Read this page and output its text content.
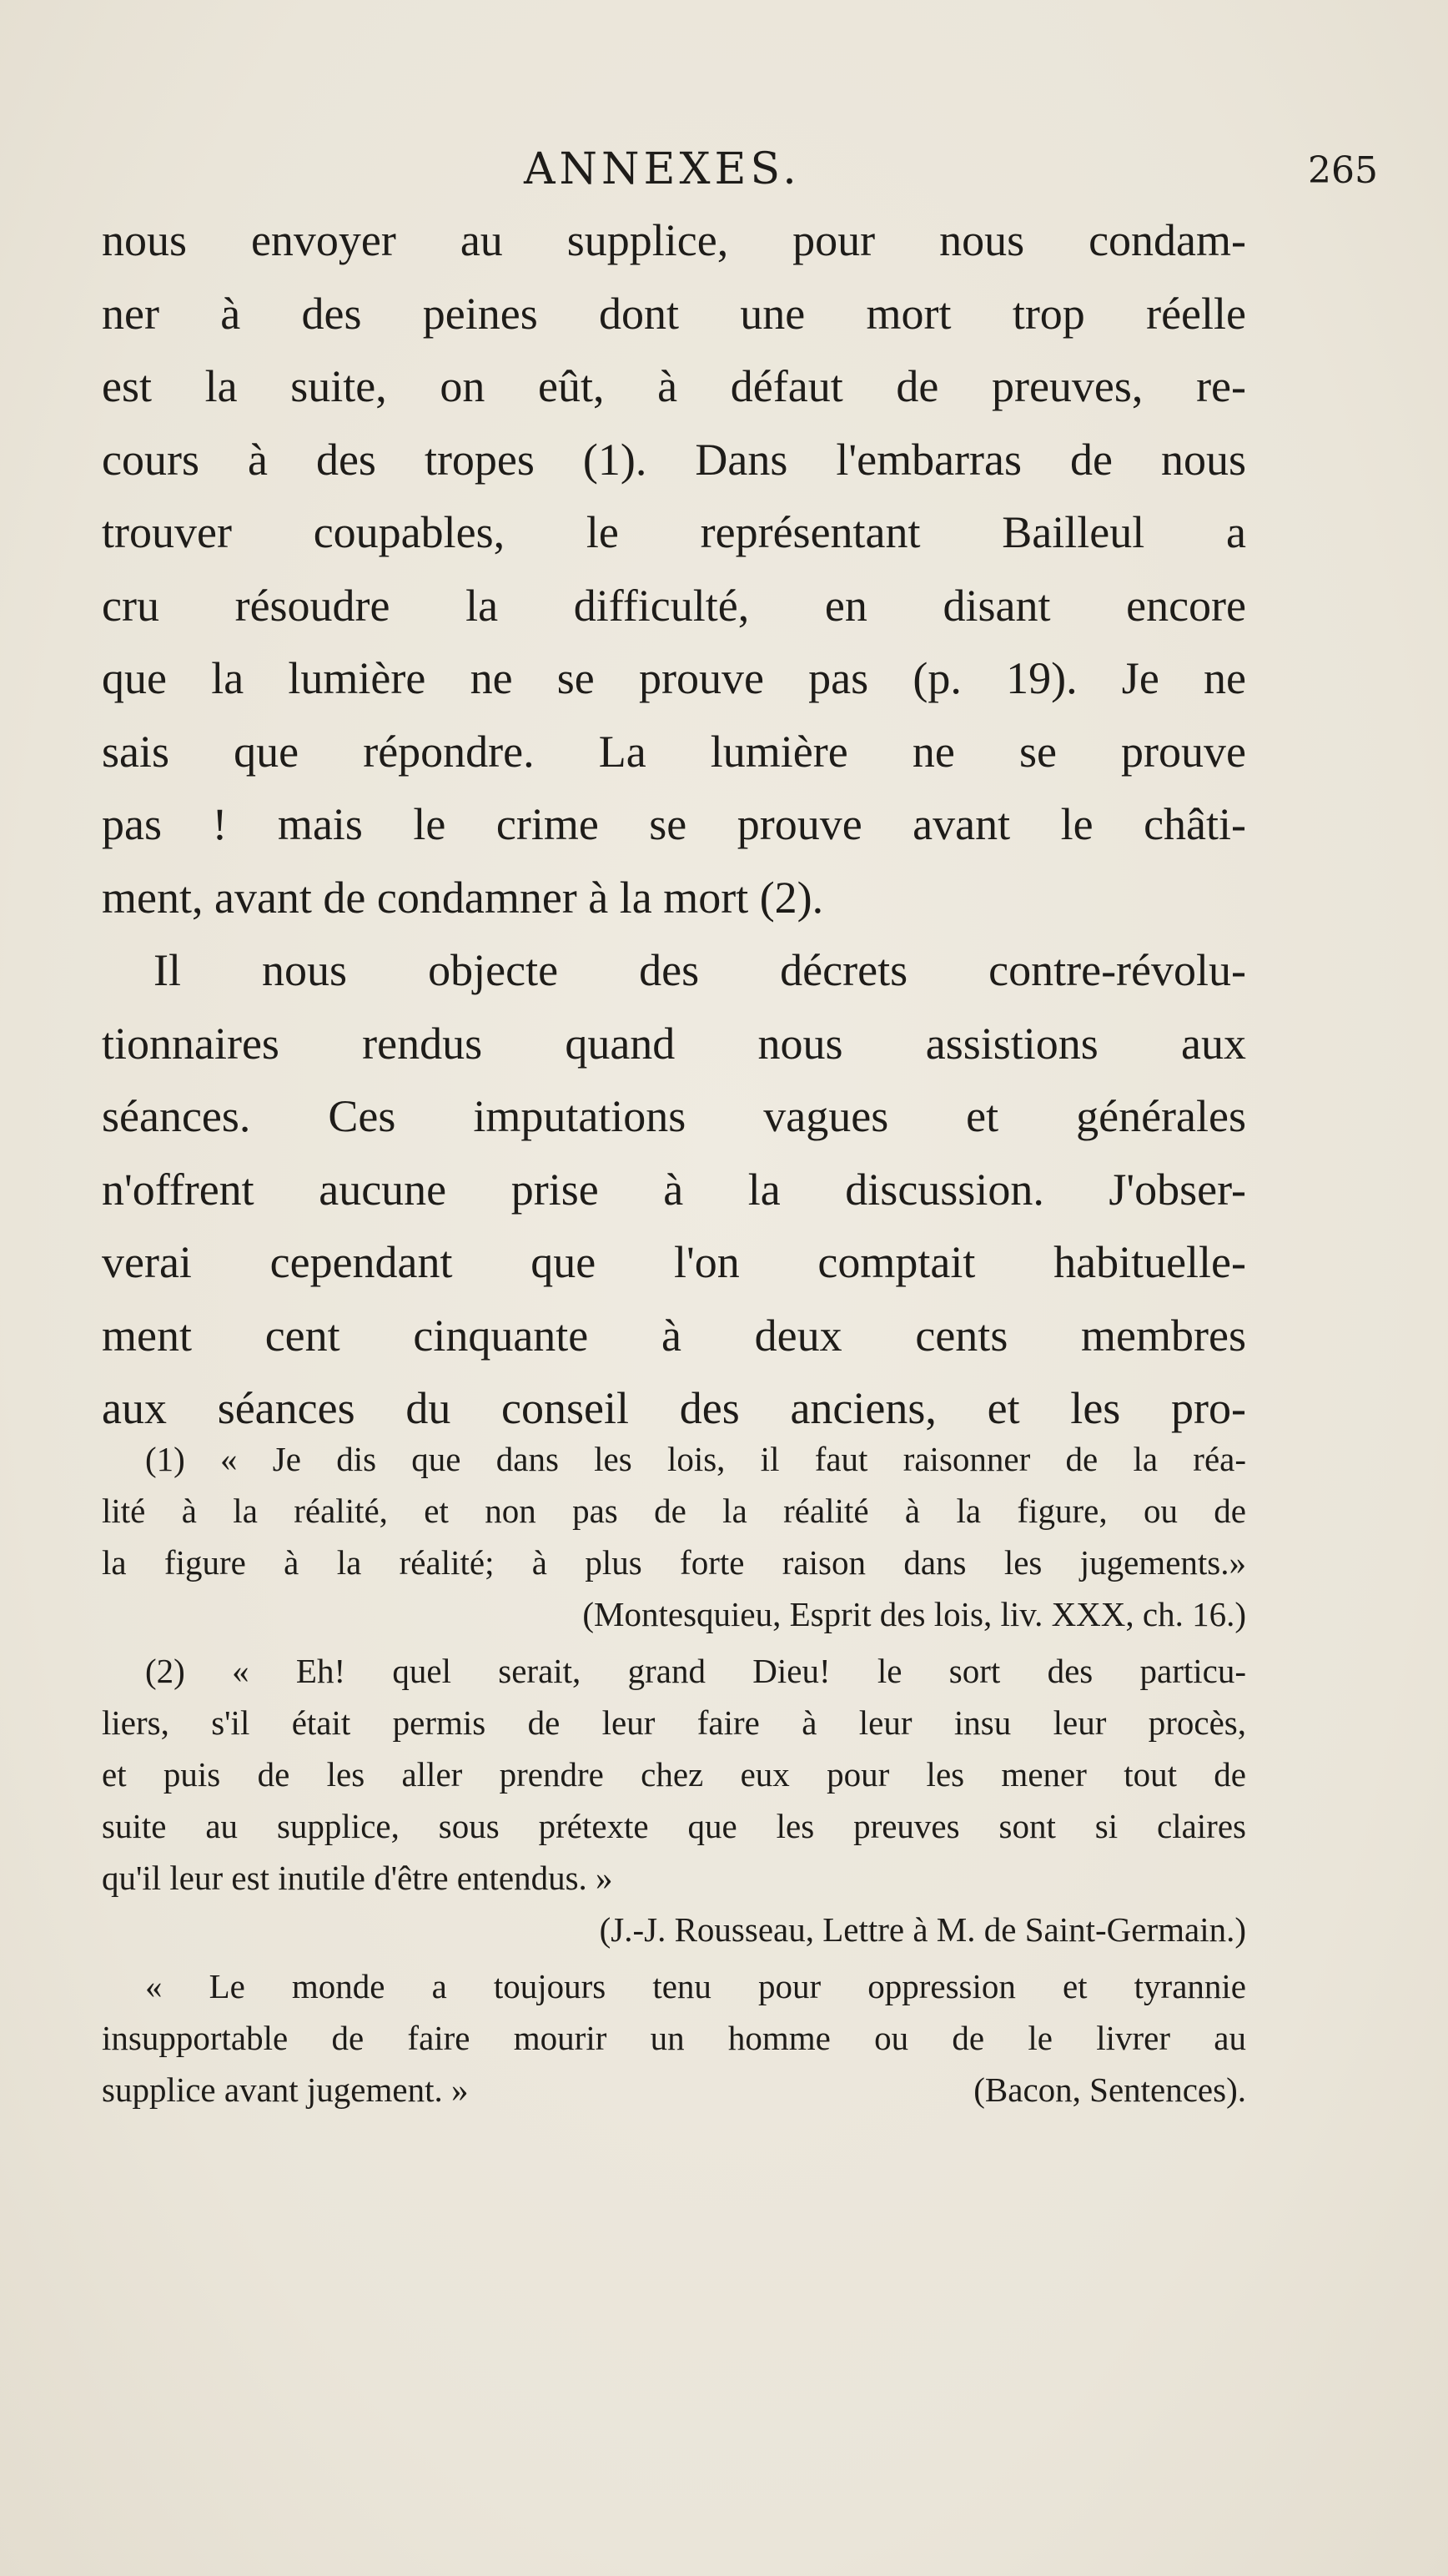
ANNEXES.	265
nous envoyer au supplice, pour nous condam-
ner à des peines dont une mort trop réelle
est la suite, on eût, à défaut de preuves, re-
cours à des tropes (1). Dans l'embarras de nous
trouver coupables, le représentant Bailleul a
cru résoudre la difficulté, en disant encore
que la lumière ne se prouve pas (p. 19). Je ne
sais que répondre. La lumière ne se prouve
pas ! mais le crime se prouve avant le châti-
ment, avant de condamner à la mort (2).
Il nous objecte des décrets contre-révolu-
tionnaires rendus quand nous assistions aux
séances. Ces imputations vagues et générales
n'offrent aucune prise à la discussion. J'obser-
verai cependant que l'on comptait habituelle-
ment cent cinquante à deux cents membres
aux séances du conseil des anciens, et les pro-
(1) « Je dis que dans les lois, il faut raisonner de la réa-
lité à la réalité, et non pas de la réalité à la figure, ou de
la figure à la réalité; à plus forte raison dans les jugements.»
(Montesquieu, Esprit des lois, liv. XXX, ch. 16.)
(2) « Eh! quel serait, grand Dieu! le sort des particu-
liers, s'il était permis de leur faire à leur insu leur procès,
et puis de les aller prendre chez eux pour les mener tout de
suite au supplice, sous prétexte que les preuves sont si claires
qu'il leur est inutile d'être entendus. »
(J.-J. Rousseau, Lettre à M. de Saint-Germain.)
« Le monde a toujours tenu pour oppression et tyrannie
insupportable de faire mourir un homme ou de le livrer au
supplice avant jugement. »	(Bacon, Sentences).
